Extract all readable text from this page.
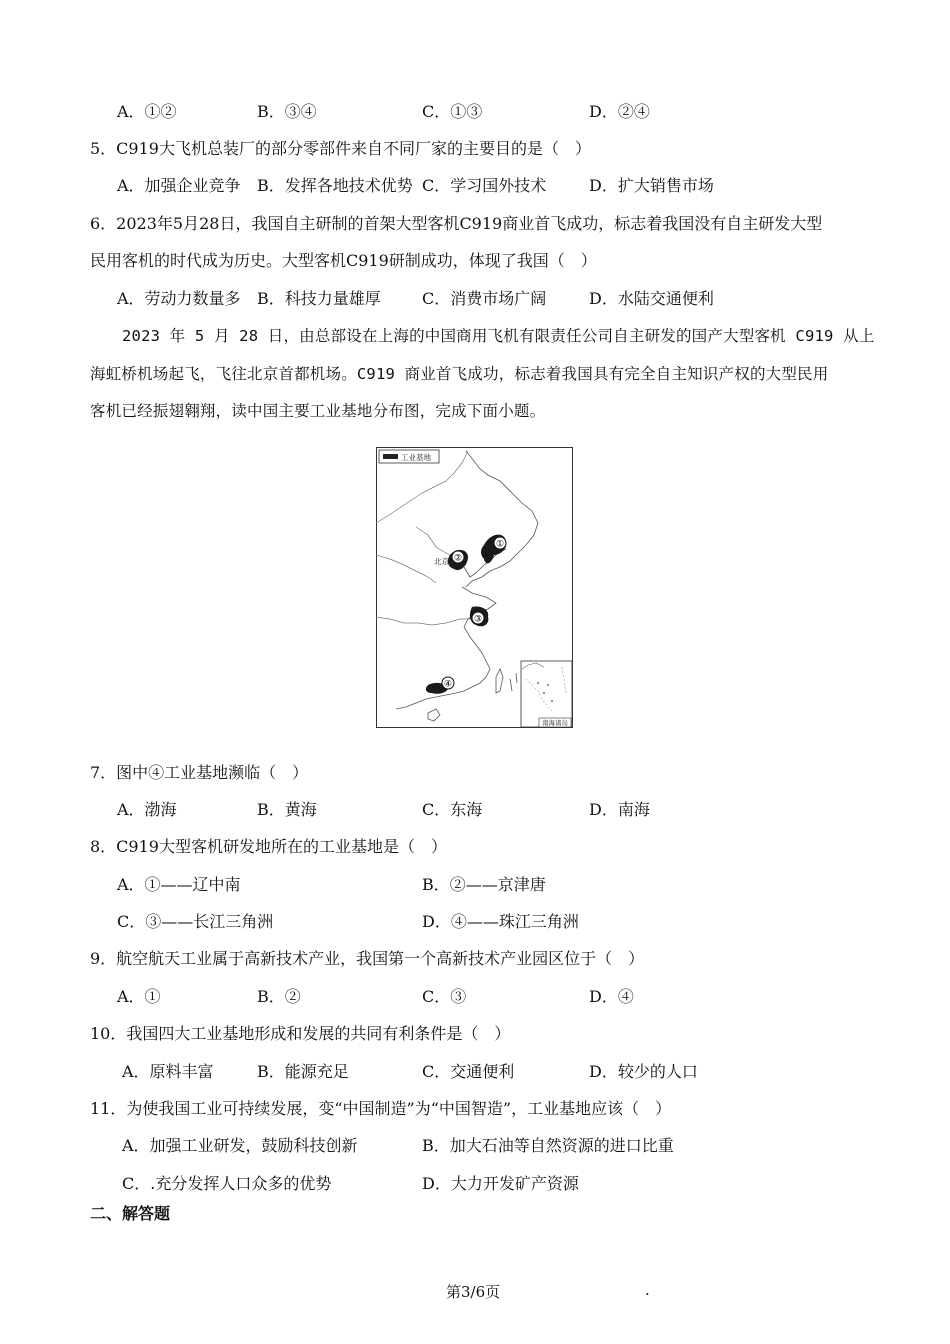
A．①②	B．③④	C．①③	D．②④
5．C919大飞机总装厂的部分零部件来自不同厂家的主要目的是（　）
A．加强企业竞争 B．发挥各地技术优势 C．学习国外技术	D．扩大销售市场
6．2023年5月28日，我国自主研制的首架大型客机C919商业首飞成功，标志着我国没有自主研发大型
民用客机的时代成为历史。大型客机C919研制成功，体现了我国（　）
A．劳动力数量多 B．科技力量雄厚	C．消费市场广阔	D．水陆交通便利
2023 年 5 月 28 日，由总部设在上海的中国商用飞机有限责任公司自主研发的国产大型客机 C919 从上
海虹桥机场起飞，飞往北京首都机场。C919 商业首飞成功，标志着我国具有完全自主知识产权的大型民用
客机已经振翅翱翔，读中国主要工业基地分布图，完成下面小题。
工业基地
①
②
③
④
北京
南海诸岛
7．图中④工业基地濒临（　）
A．渤海	B．黄海	C．东海	D．南海
8．C919大型客机研发地所在的工业基地是（　）
A．①——辽中南	B．②——京津唐
C．③——长江三角洲	D．④——珠江三角洲
9．航空航天工业属于高新技术产业，我国第一个高新技术产业园区位于（　）
A．①	B．②	C．③	D．④
10．我国四大工业基地形成和发展的共同有利条件是（　）
A．原料丰富	B．能源充足	C．交通便利	D．较少的人口
11．为使我国工业可持续发展，变“中国制造”为“中国智造”，工业基地应该（　）
A．加强工业研发，鼓励科技创新	B．加大石油等自然资源的进口比重
C．.充分发挥人口众多的优势	D．大力开发矿产资源
二、解答题
第3/6页	.
